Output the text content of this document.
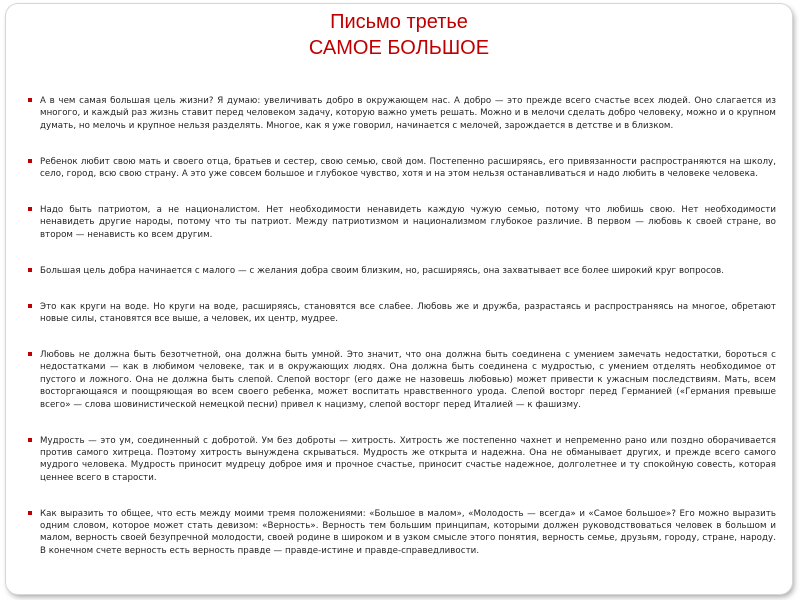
Письмо третье
САМОЕ БОЛЬШОЕ
А в чем самая большая цель жизни? Я думаю: увеличивать добро в окружающем нас. А добро — это прежде всего счастье всех людей. Оно слагается из многого, и каждый раз жизнь ставит перед человеком задачу, которую важно уметь решать. Можно и в мелочи сделать добро человеку, можно и о крупном думать, но мелочь и крупное нельзя разделять. Многое, как я уже говорил, начинается с мелочей, зарождается в детстве и в близком.
Ребенок любит свою мать и своего отца, братьев и сестер, свою семью, свой дом. Постепенно расширяясь, его привязанности распространяются на школу, село, город, всю свою страну. А это уже совсем большое и глубокое чувство, хотя и на этом нельзя останавливаться и надо любить в человеке человека.
Надо быть патриотом, а не националистом. Нет необходимости ненавидеть каждую чужую семью, потому что любишь свою. Нет необходимости ненавидеть другие народы, потому что ты патриот. Между патриотизмом и национализмом глубокое различие. В первом — любовь к своей стране, во втором — ненависть ко всем другим.
Большая цель добра начинается с малого — с желания добра своим близким, но, расширяясь, она захватывает все более широкий круг вопросов.
Это как круги на воде. Но круги на воде, расширяясь, становятся все слабее. Любовь же и дружба, разрастаясь и распространяясь на многое, обретают новые силы, становятся все выше, а человек, их центр, мудрее.
Любовь не должна быть безотчетной, она должна быть умной. Это значит, что она должна быть соединена с умением замечать недостатки, бороться с недостатками — как в любимом человеке, так и в окружающих людях. Она должна быть соединена с мудростью, с умением отделять необходимое от пустого и ложного. Она не должна быть слепой. Слепой восторг (его даже не назовешь любовью) может привести к ужасным последствиям. Мать, всем восторгающаяся и поощряющая во всем своего ребенка, может воспитать нравственного урода. Слепой восторг перед Германией («Германия превыше всего» — слова шовинистической немецкой песни) привел к нацизму, слепой восторг перед Италией — к фашизму.
Мудрость — это ум, соединенный с добротой. Ум без доброты — хитрость. Хитрость же постепенно чахнет и непременно рано или поздно оборачивается против самого хитреца. Поэтому хитрость вынуждена скрываться. Мудрость же открыта и надежна. Она не обманывает других, и прежде всего самого мудрого человека. Мудрость приносит мудрецу доброе имя и прочное счастье, приносит счастье надежное, долголетнее и ту спокойную совесть, которая ценнее всего в старости.
Как выразить то общее, что есть между моими тремя положениями: «Большое в малом», «Молодость — всегда» и «Самое большое»? Его можно выразить одним словом, которое может стать девизом: «Верность». Верность тем большим принципам, которыми должен руководствоваться человек в большом и малом, верность своей безупречной молодости, своей родине в широком и в узком смысле этого понятия, верность семье, друзьям, городу, стране, народу. В конечном счете верность есть верность правде — правде-истине и правде-справедливости.
